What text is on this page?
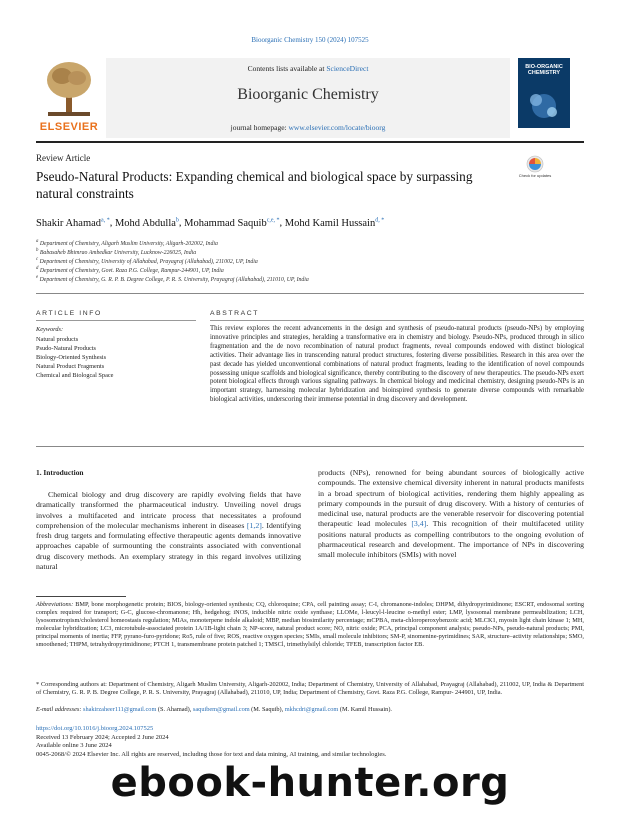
Bioorganic Chemistry 150 (2024) 107525
ELSEVIER
Contents lists available at ScienceDirect
Bioorganic Chemistry
journal homepage: www.elsevier.com/locate/bioorg
BIO-ORGANIC CHEMISTRY
Review Article
Pseudo-Natural Products: Expanding chemical and biological space by surpassing natural constraints
Check for updates
Shakir Ahamad$^{a, *}$, Mohd Abdulla$^b$, Mohammad Saquib$^{c,e, *}$, Mohd Kamil Hussain$^{d, *}$
$^a$ Department of Chemistry, Aligarh Muslim University, Aligarh-202002, India
$^b$ Babasaheb Bhimrao Ambedkar University, Lucknow-226025, India
$^c$ Department of Chemistry, University of Allahabad, Prayagraj (Allahabad), 211002, UP, India
$^d$ Department of Chemistry, Govt. Raza P.G. College, Rampur-244901, UP, India
$^e$ Department of Chemistry, G. R. P. B. Degree College, P. R. S. University, Prayagraj (Allahabad), 211010, UP, India
ARTICLE INFO	ABSTRACT
Keywords:
Natural products
Psudo-Natural Products
Biology-Oriented Synthesis
Natural Product Fragments
Chemical and Biologcal Space
This review explores the recent advancements in the design and synthesis of pseudo-natural products (pseudo-NPs) by employing innovative principles and strategies, heralding a transformative era in chemistry and biology. Pseudo-NPs, produced through in silico fragmentation and the de novo recombination of natural product fragments, reveal compounds endowed with distinct biological activities. Their advantage lies in transcending natural product structures, fostering diverse possibilities. Research in this area over the past decade has yielded unconventional combinations of natural product fragments, leading to the identification of novel compounds possessing unique scaffolds and biological significance, thereby contributing to the discovery of new therapeutics. The pseudo-NPs exert potent biological effects through various signaling pathways. In chemical biology and medicinal chemistry, designing pseudo-NPs is an important strategy, harnessing molecular hybridization and bioinspired synthesis to generate diverse compounds with remarkable biological activities, underscoring their immense potential in drug discovery and development.
1. Introduction
Chemical biology and drug discovery are rapidly evolving fields that have dramatically transformed the pharmaceutical industry. Unveiling novel drugs involves a multifaceted and intricate process that necessitates a profound comprehension of the molecular mechanisms inherent in diseases [1,2]. Identifying fresh drug targets and formulating effective therapeutic agents demands innovative approaches capable of surmounting the constraints associated with conventional drug discovery methods. An exemplary strategy in this regard involves utilizing natural
products (NPs), renowned for being abundant sources of biologically active compounds. The extensive chemical diversity inherent in natural products manifests in a broad spectrum of biological activities, rendering them highly appealing as primary compounds in the pursuit of drug discovery. With a history of centuries of medicinal use, natural products are the venerable reservoir for discovering potential therapeutic lead molecules [3,4]. This recognition of their multifaceted utility positions natural products as compelling contributors to the ongoing evolution of pharmaceutical research and development. The importance of NPs in discovering small molecule inhibitors (SMIs) with novel
Abbreviations: BMP, bone morphogenetic protein; BIOS, biology-oriented synthesis; CQ, chloroquine; CPA, cell painting assay; C-I, chromanone-indoles; DHPM, dihydropyrimidinone; ESCRT, endosomal sorting complex required for transport; G-C, glucose-chromanone; Hh, hedgehog; iNOS, inducible nitric oxide synthase; LLOMe, l-leucyl-l-leucine o-methyl ester; LMP, lysosomal membrane permeabilization; LCH, lysosomotropism/cholesterol homeostasis regulation; MIAs, monoterpene indole alkaloid; MBP, median biosimilarity percentage; mCPBA, meta-chloroperoxybenzoic acid; MLCK1, myosin light chain kinase 1; MH, molecular hybridization; LC3, microtubule-associated protein 1A/1B-light chain 3; NP-score, natural product score; NO, nitric oxide; PCA, principal component analysis; pseudo-NPs, pseudo-natural products; PMI, principal moments of inertia; FFP, pyrano-furo-pyridone; Ro5, rule of five; ROS, reactive oxygen species; SMIs, small molecule inhibitors; SM-P, sinomenine-pyrimidines; SAR, structure–activity relationships; SMO, smoothened; THPM, tetrahydropyrimidinone; PTCH 1, transmembrane protein patched 1; TMSCl, trimethylsilyl chloride; TFEB, transcription factor EB.
* Corresponding authors at: Department of Chemistry, Aligarh Muslim University, Aligarh-202002, India; Department of Chemistry, University of Allahabad, Prayagraj (Allahabad), 211002, UP, India & Department of Chemistry, G. R. P. B. Degree College, P. R. S. University, Prayagraj (Allahabad), 211010, UP, India; Department of Chemistry, Govt. Raza P.G. College, Rampur- 244901, UP, India.
E-mail addresses: shakirzaheer111@gmail.com (S. Ahamad), saquibem@gmail.com (M. Saquib), mkhcdri@gmail.com (M. Kamil Hussain).
https://doi.org/10.1016/j.bioorg.2024.107525
Received 13 February 2024; Accepted 2 June 2024
Available online 3 June 2024
0045-2068/© 2024 Elsevier Inc. All rights are reserved, including those for text and data mining, AI training, and similar technologies.
ebook-hunter.org
